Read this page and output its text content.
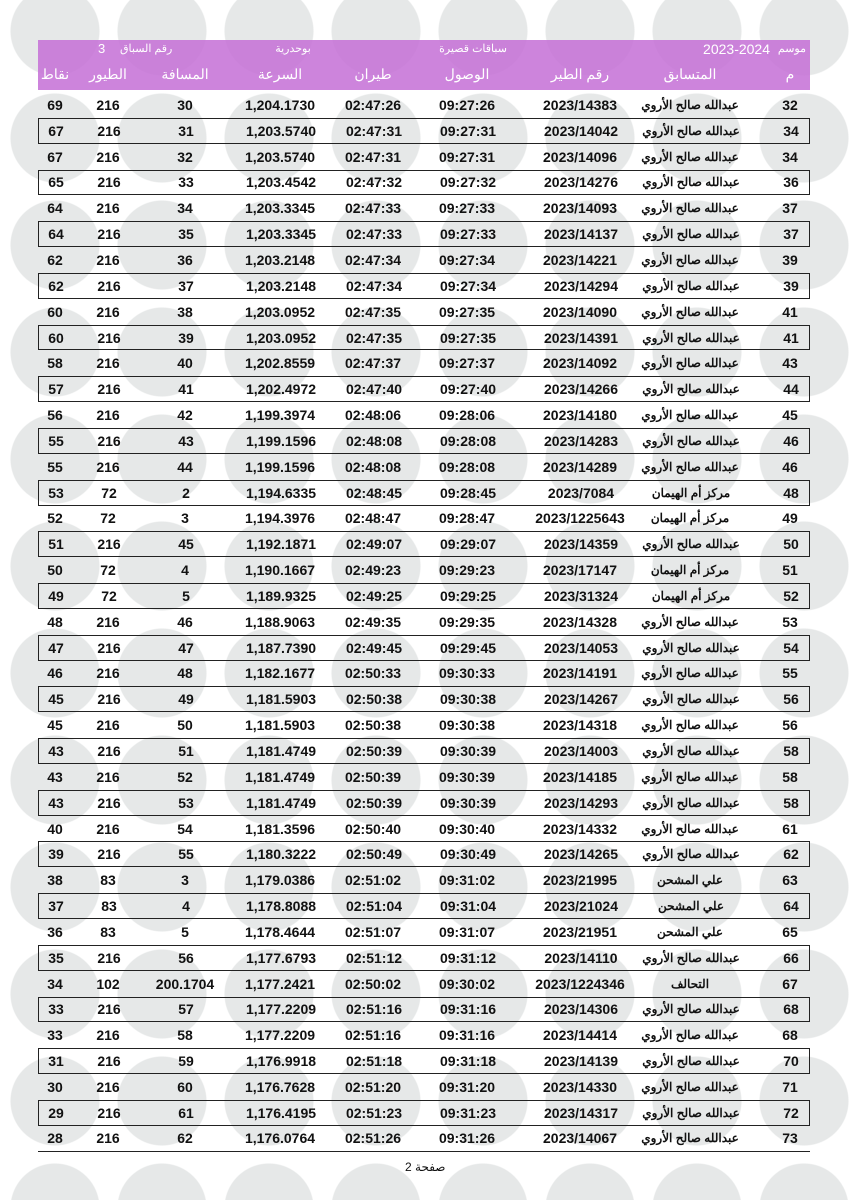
موسم
2023-2024
سباقات قصيرة
بوحدرية
رقم السباق
3
م
المتسابق
رقم الطير
الوصول
طيران
السرعة
المسافة
الطيور
نقاط
32
عبدالله صالح الأروي
2023/14383
09:27:26
02:47:26
1,204.1730
30
216
69
34
عبدالله صالح الأروي
2023/14042
09:27:31
02:47:31
1,203.5740
31
216
67
34
عبدالله صالح الأروي
2023/14096
09:27:31
02:47:31
1,203.5740
32
216
67
36
عبدالله صالح الأروي
2023/14276
09:27:32
02:47:32
1,203.4542
33
216
65
37
عبدالله صالح الأروي
2023/14093
09:27:33
02:47:33
1,203.3345
34
216
64
37
عبدالله صالح الأروي
2023/14137
09:27:33
02:47:33
1,203.3345
35
216
64
39
عبدالله صالح الأروي
2023/14221
09:27:34
02:47:34
1,203.2148
36
216
62
39
عبدالله صالح الأروي
2023/14294
09:27:34
02:47:34
1,203.2148
37
216
62
41
عبدالله صالح الأروي
2023/14090
09:27:35
02:47:35
1,203.0952
38
216
60
41
عبدالله صالح الأروي
2023/14391
09:27:35
02:47:35
1,203.0952
39
216
60
43
عبدالله صالح الأروي
2023/14092
09:27:37
02:47:37
1,202.8559
40
216
58
44
عبدالله صالح الأروي
2023/14266
09:27:40
02:47:40
1,202.4972
41
216
57
45
عبدالله صالح الأروي
2023/14180
09:28:06
02:48:06
1,199.3974
42
216
56
46
عبدالله صالح الأروي
2023/14283
09:28:08
02:48:08
1,199.1596
43
216
55
46
عبدالله صالح الأروي
2023/14289
09:28:08
02:48:08
1,199.1596
44
216
55
48
مركز أم الهيمان
2023/7084
09:28:45
02:48:45
1,194.6335
2
72
53
49
مركز أم الهيمان
2023/1225643
09:28:47
02:48:47
1,194.3976
3
72
52
50
عبدالله صالح الأروي
2023/14359
09:29:07
02:49:07
1,192.1871
45
216
51
51
مركز أم الهيمان
2023/17147
09:29:23
02:49:23
1,190.1667
4
72
50
52
مركز أم الهيمان
2023/31324
09:29:25
02:49:25
1,189.9325
5
72
49
53
عبدالله صالح الأروي
2023/14328
09:29:35
02:49:35
1,188.9063
46
216
48
54
عبدالله صالح الأروي
2023/14053
09:29:45
02:49:45
1,187.7390
47
216
47
55
عبدالله صالح الأروي
2023/14191
09:30:33
02:50:33
1,182.1677
48
216
46
56
عبدالله صالح الأروي
2023/14267
09:30:38
02:50:38
1,181.5903
49
216
45
56
عبدالله صالح الأروي
2023/14318
09:30:38
02:50:38
1,181.5903
50
216
45
58
عبدالله صالح الأروي
2023/14003
09:30:39
02:50:39
1,181.4749
51
216
43
58
عبدالله صالح الأروي
2023/14185
09:30:39
02:50:39
1,181.4749
52
216
43
58
عبدالله صالح الأروي
2023/14293
09:30:39
02:50:39
1,181.4749
53
216
43
61
عبدالله صالح الأروي
2023/14332
09:30:40
02:50:40
1,181.3596
54
216
40
62
عبدالله صالح الأروي
2023/14265
09:30:49
02:50:49
1,180.3222
55
216
39
63
علي المشحن
2023/21995
09:31:02
02:51:02
1,179.0386
3
83
38
64
علي المشحن
2023/21024
09:31:04
02:51:04
1,178.8088
4
83
37
65
علي المشحن
2023/21951
09:31:07
02:51:07
1,178.4644
5
83
36
66
عبدالله صالح الأروي
2023/14110
09:31:12
02:51:12
1,177.6793
56
216
35
67
التحالف
2023/1224346
09:30:02
02:50:02
1,177.2421
200.1704
102
34
68
عبدالله صالح الأروي
2023/14306
09:31:16
02:51:16
1,177.2209
57
216
33
68
عبدالله صالح الأروي
2023/14414
09:31:16
02:51:16
1,177.2209
58
216
33
70
عبدالله صالح الأروي
2023/14139
09:31:18
02:51:18
1,176.9918
59
216
31
71
عبدالله صالح الأروي
2023/14330
09:31:20
02:51:20
1,176.7628
60
216
30
72
عبدالله صالح الأروي
2023/14317
09:31:23
02:51:23
1,176.4195
61
216
29
73
عبدالله صالح الأروي
2023/14067
09:31:26
02:51:26
1,176.0764
62
216
28
صفحة 2
